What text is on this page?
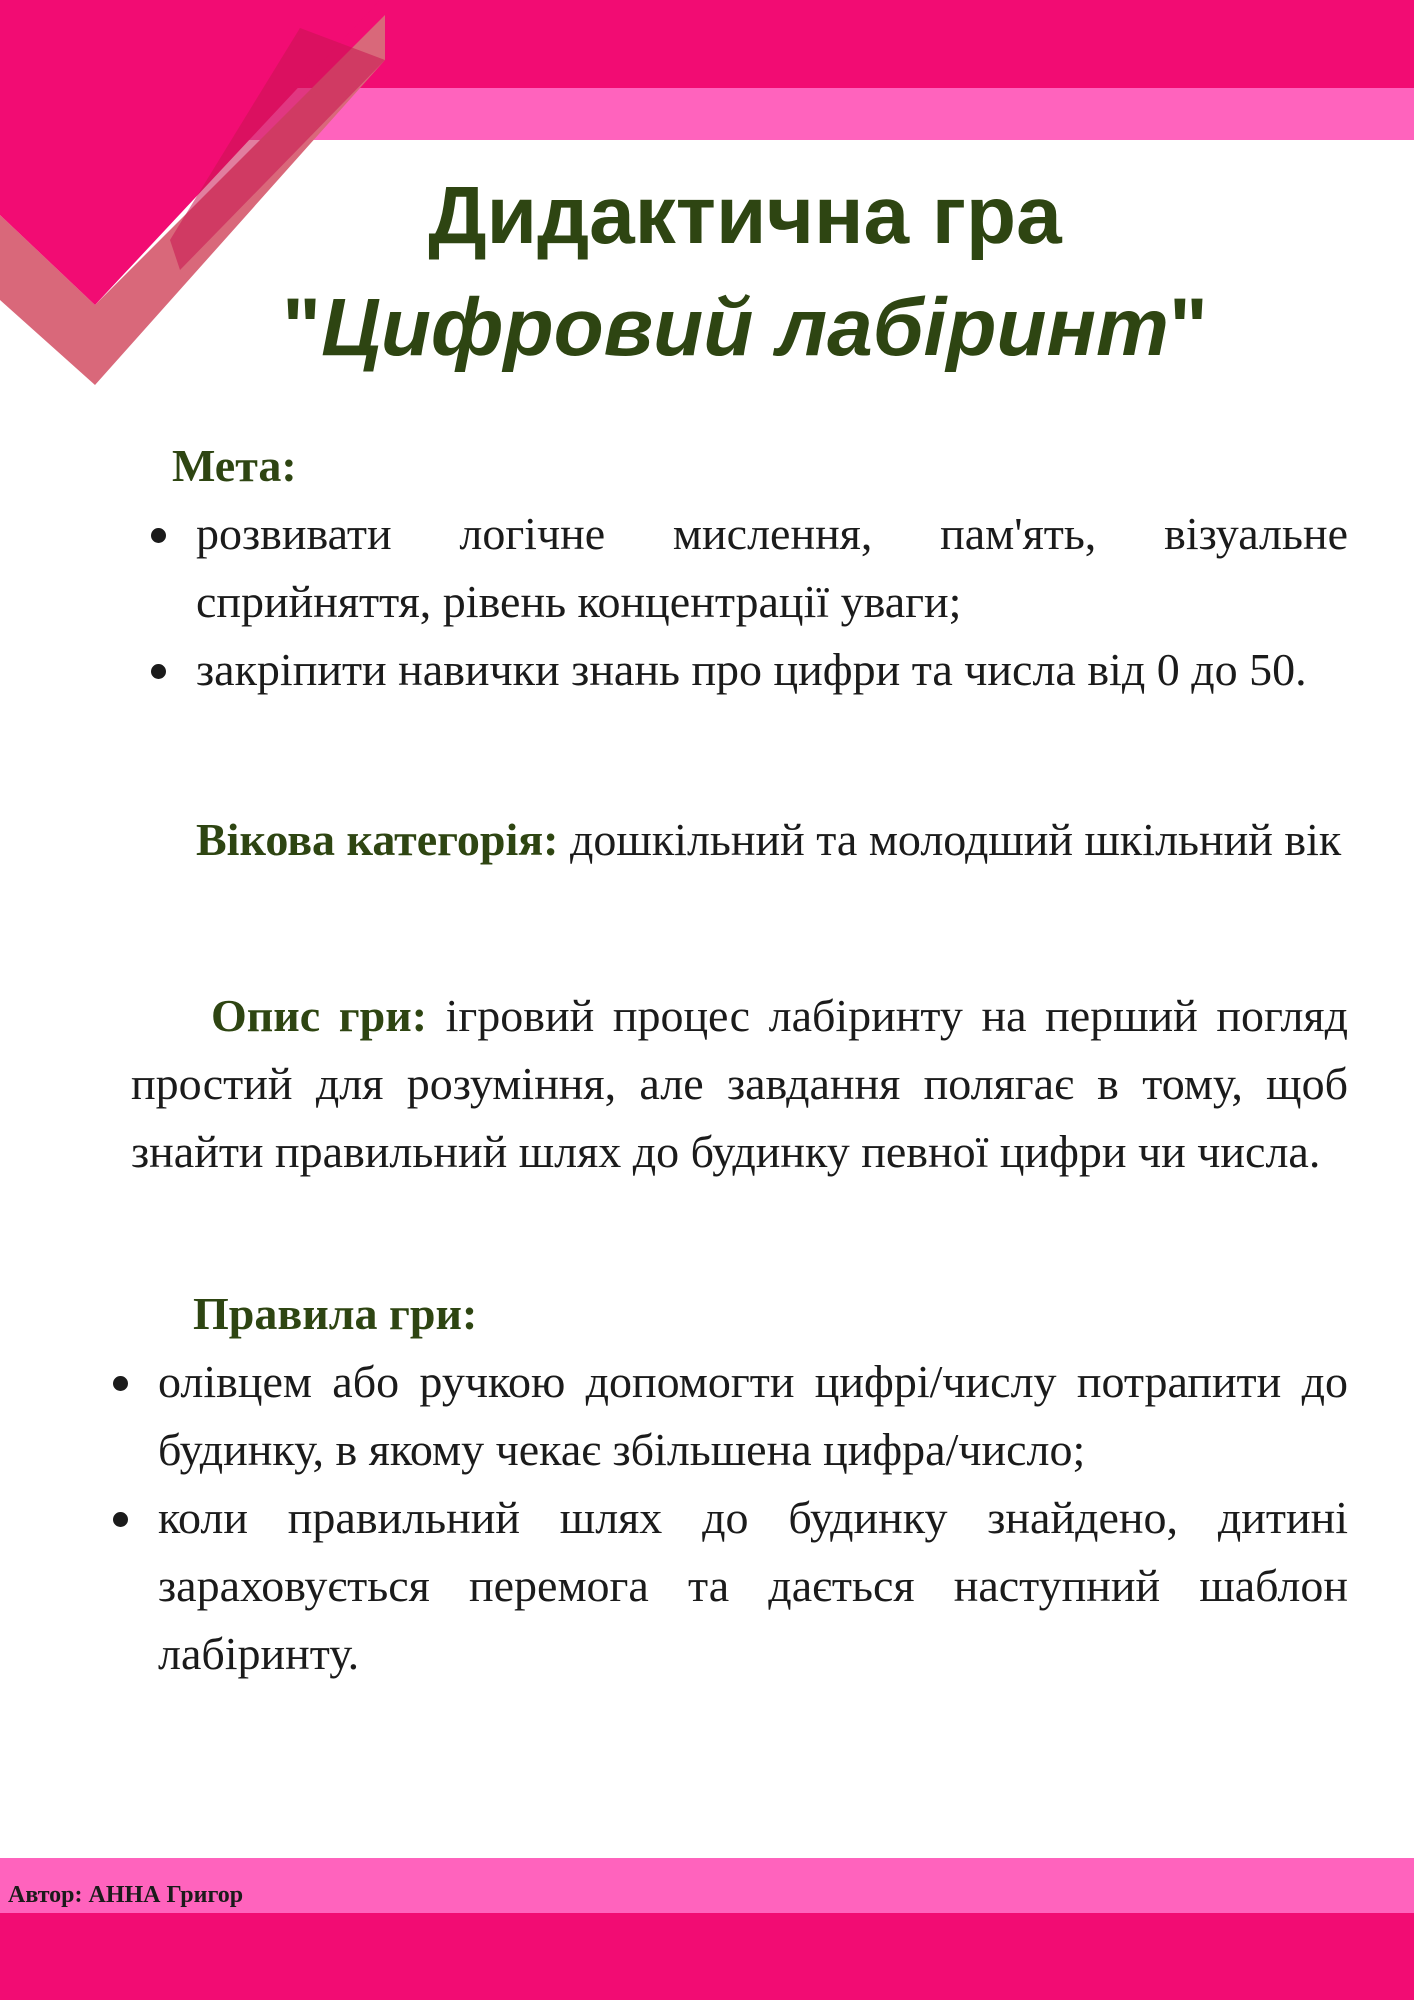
Дидактична гра
"Цифровий лабіринт"

Мета:

розвивати логічне мислення, пам'ять, візуальне сприйняття, рівень концентрації уваги;
закріпити навички знань про цифри та числа від 0 до 50.

Вікова категорія: дошкільний та молодший шкільний вік

Опис гри: ігровий процес лабіринту на перший погляд простий для розуміння, але завдання полягає в тому, щоб знайти правильний шлях до будинку певної цифри чи числа.

Правила гри:

олівцем або ручкою допомогти цифрі/числу потрапити до будинку, в якому чекає збільшена цифра/число;
коли правильний шлях до будинку знайдено, дитині зараховується перемога та дається наступний шаблон лабіринту.

Автор: АННА Григор
